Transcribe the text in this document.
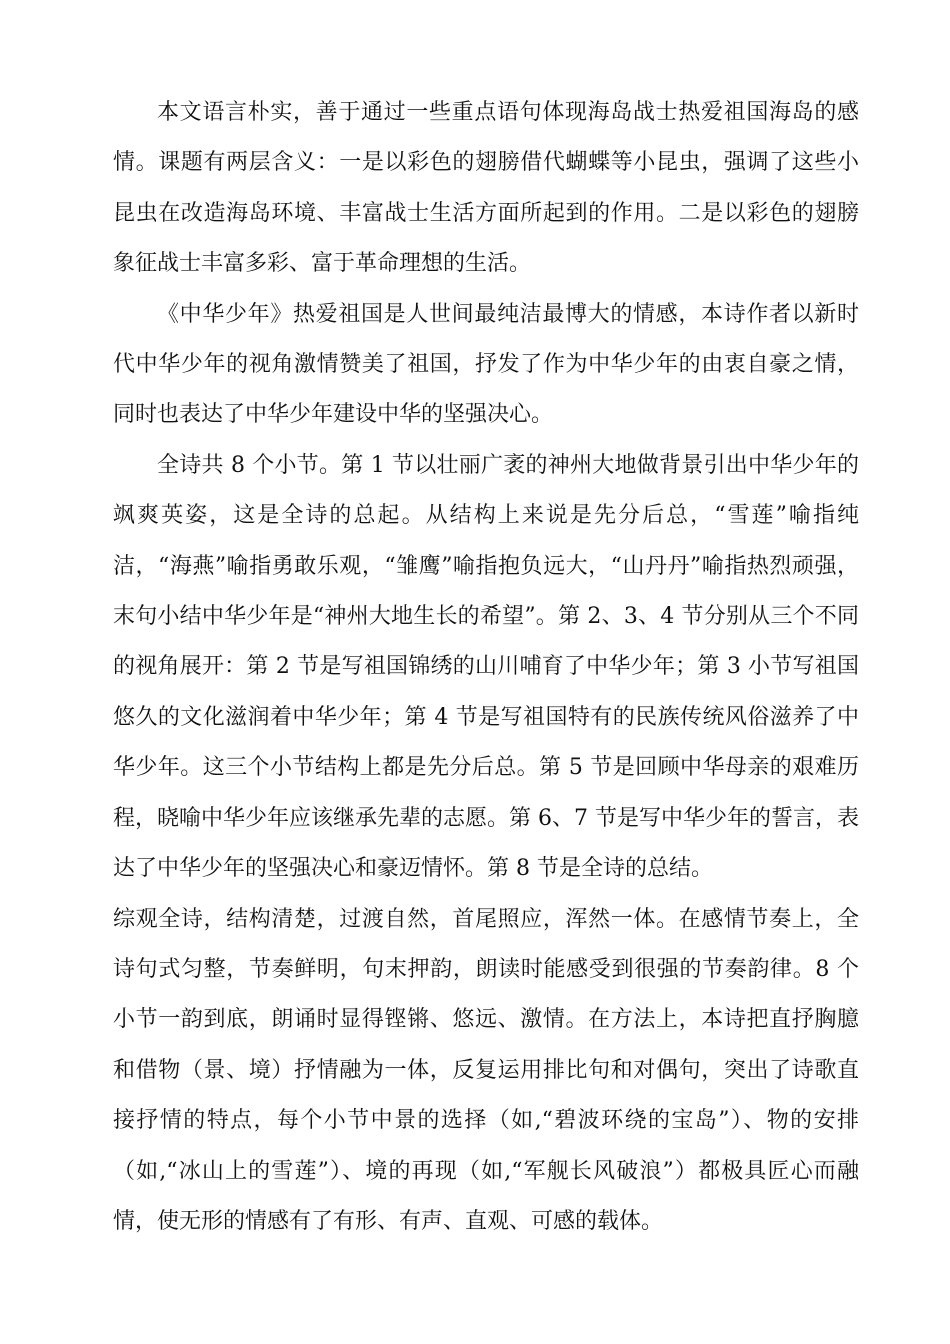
本文语言朴实，善于通过一些重点语句体现海岛战士热爱祖国海岛的感情。课题有两层含义：一是以彩色的翅膀借代蝴蝶等小昆虫，强调了这些小昆虫在改造海岛环境、丰富战士生活方面所起到的作用。二是以彩色的翅膀象征战士丰富多彩、富于革命理想的生活。

《中华少年》热爱祖国是人世间最纯洁最博大的情感，本诗作者以新时代中华少年的视角激情赞美了祖国，抒发了作为中华少年的由衷自豪之情，同时也表达了中华少年建设中华的坚强决心。

全诗共 8 个小节。第 1 节以壮丽广袤的神州大地做背景引出中华少年的飒爽英姿，这是全诗的总起。从结构上来说是先分后总，“雪莲”喻指纯洁，“海燕”喻指勇敢乐观，“雏鹰”喻指抱负远大，“山丹丹”喻指热烈顽强，末句小结中华少年是“神州大地生长的希望”。第 2、3、4 节分别从三个不同的视角展开：第 2 节是写祖国锦绣的山川哺育了中华少年；第 3 小节写祖国悠久的文化滋润着中华少年；第 4 节是写祖国特有的民族传统风俗滋养了中华少年。这三个小节结构上都是先分后总。第 5 节是回顾中华母亲的艰难历程，晓喻中华少年应该继承先辈的志愿。第 6、7 节是写中华少年的誓言，表达了中华少年的坚强决心和豪迈情怀。第 8 节是全诗的总结。

综观全诗，结构清楚，过渡自然，首尾照应，浑然一体。在感情节奏上，全诗句式匀整，节奏鲜明，句末押韵，朗读时能感受到很强的节奏韵律。8 个小节一韵到底，朗诵时显得铿锵、悠远、激情。在方法上，本诗把直抒胸臆和借物（景、境）抒情融为一体，反复运用排比句和对偶句，突出了诗歌直接抒情的特点，每个小节中景的选择（如,“碧波环绕的宝岛”）、物的安排（如,“冰山上的雪莲”）、境的再现（如,“军舰长风破浪”）都极具匠心而融情，使无形的情感有了有形、有声、直观、可感的载体。
